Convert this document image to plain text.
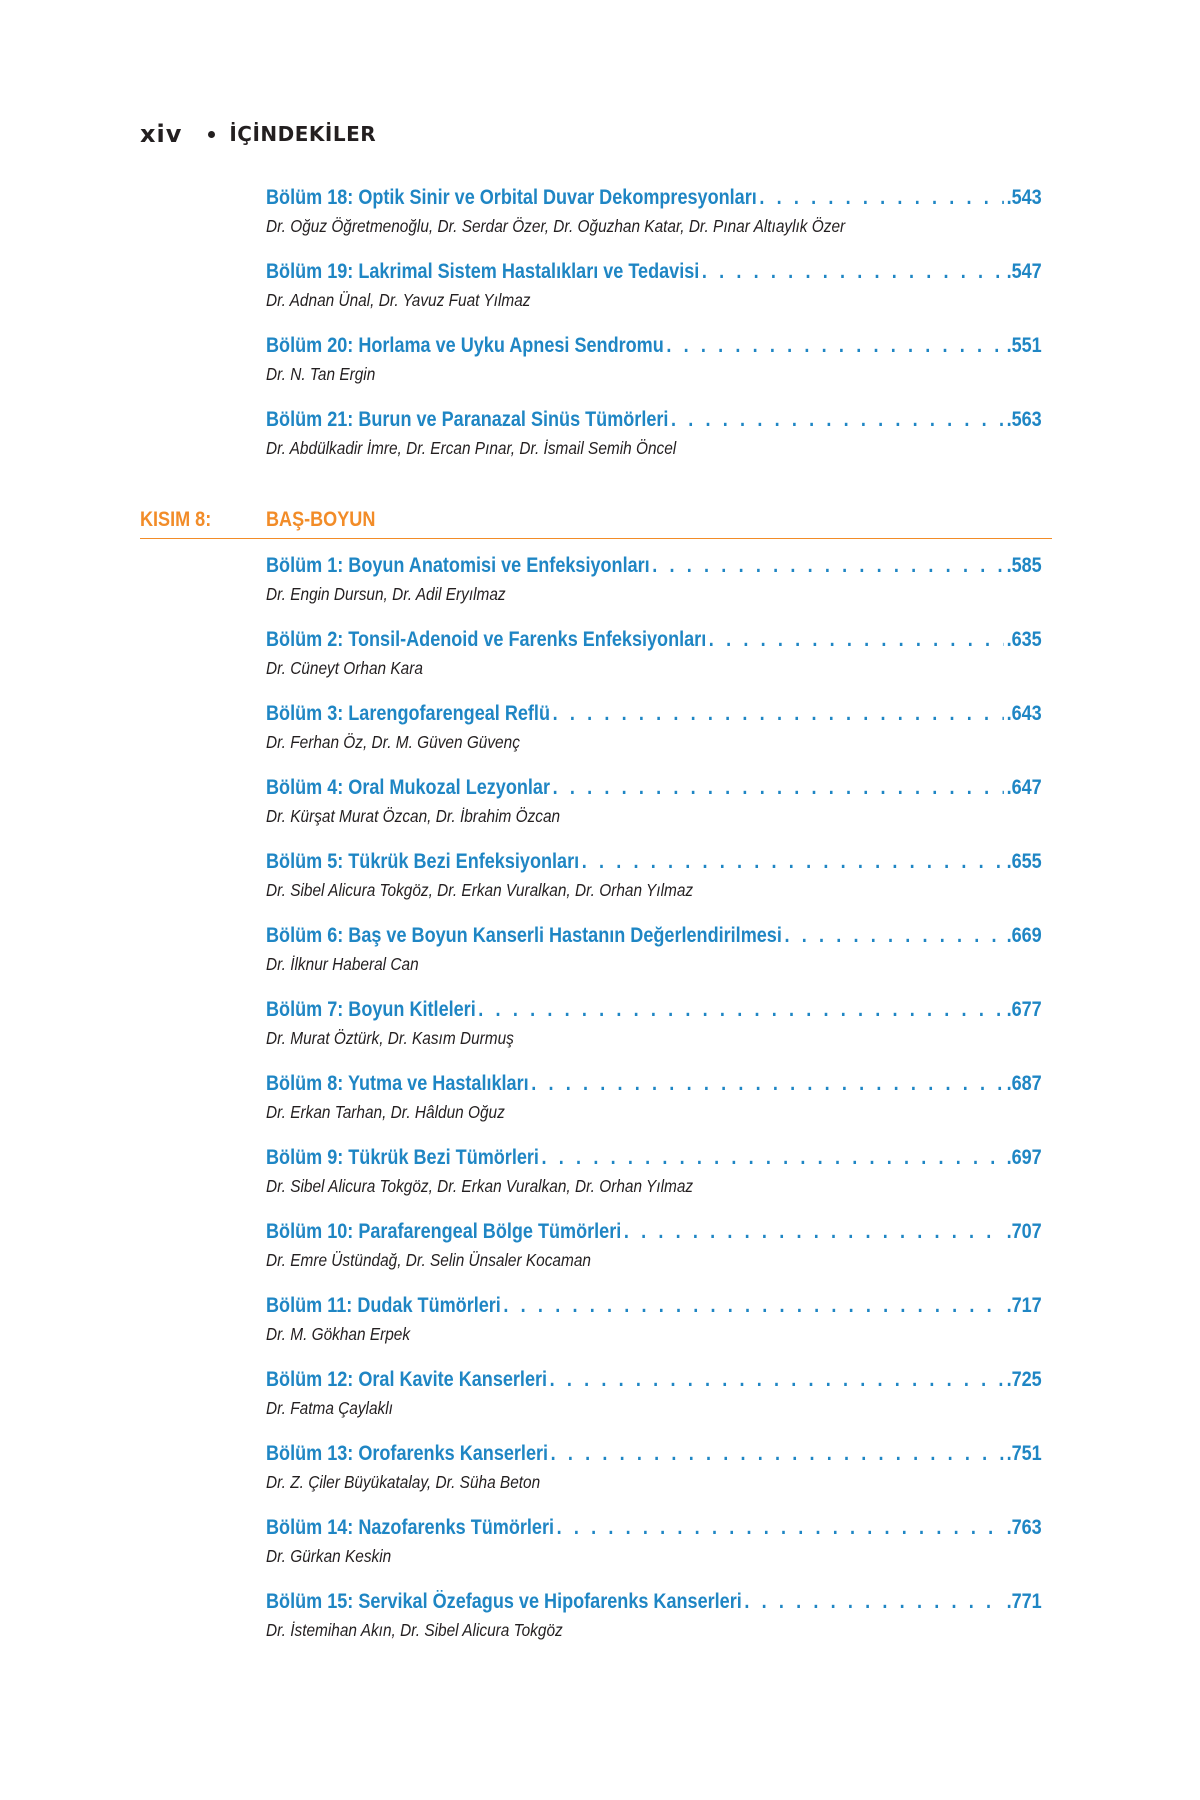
xiv İÇİNDEKİLER
Bölüm 18: Optik Sinir ve Orbital Duvar Dekompresyonları . . .	.543
Dr. Oğuz Öğretmenoğlu, Dr. Serdar Özer, Dr. Oğuzhan Katar, Dr. Pınar Altıaylık Özer
Bölüm 19: Lakrimal Sistem Hastalıkları ve Tedavisi . . .	.547
Dr. Adnan Ünal, Dr. Yavuz Fuat Yılmaz
Bölüm 20: Horlama ve Uyku Apnesi Sendromu . . .	.551
Dr. N. Tan Ergin
Bölüm 21: Burun ve Paranazal Sinüs Tümörleri . . .	.563
Dr. Abdülkadir İmre, Dr. Ercan Pınar, Dr. İsmail Semih Öncel
KISIM 8:	BAŞ-BOYUN
Bölüm 1: Boyun Anatomisi ve Enfeksiyonları . . .	.585
Dr. Engin Dursun, Dr. Adil Eryılmaz
Bölüm 2: Tonsil-Adenoid ve Farenks Enfeksiyonları . . .	.635
Dr. Cüneyt Orhan Kara
Bölüm 3: Larengofarengeal Reflü . . .	.643
Dr. Ferhan Öz, Dr. M. Güven Güvenç
Bölüm 4: Oral Mukozal Lezyonlar . . .	.647
Dr. Kürşat Murat Özcan, Dr. İbrahim Özcan
Bölüm 5: Tükrük Bezi Enfeksiyonları . . .	.655
Dr. Sibel Alicura Tokgöz, Dr. Erkan Vuralkan, Dr. Orhan Yılmaz
Bölüm 6: Baş ve Boyun Kanserli Hastanın Değerlendirilmesi . . .	.669
Dr. İlknur Haberal Can
Bölüm 7: Boyun Kitleleri . . .	.677
Dr. Murat Öztürk, Dr. Kasım Durmuş
Bölüm 8: Yutma ve Hastalıkları . . .	.687
Dr. Erkan Tarhan, Dr. Hâldun Oğuz
Bölüm 9: Tükrük Bezi Tümörleri . . .	.697
Dr. Sibel Alicura Tokgöz, Dr. Erkan Vuralkan, Dr. Orhan Yılmaz
Bölüm 10: Parafarengeal Bölge Tümörleri . . .	.707
Dr. Emre Üstündağ, Dr. Selin Ünsaler Kocaman
Bölüm 11: Dudak Tümörleri . . .	.717
Dr. M. Gökhan Erpek
Bölüm 12: Oral Kavite Kanserleri . . .	.725
Dr. Fatma Çaylaklı
Bölüm 13: Orofarenks Kanserleri . . .	.751
Dr. Z. Çiler Büyükatalay, Dr. Süha Beton
Bölüm 14: Nazofarenks Tümörleri . . .	.763
Dr. Gürkan Keskin
Bölüm 15: Servikal Özefagus ve Hipofarenks Kanserleri . . .	.771
Dr. İstemihan Akın, Dr. Sibel Alicura Tokgöz
